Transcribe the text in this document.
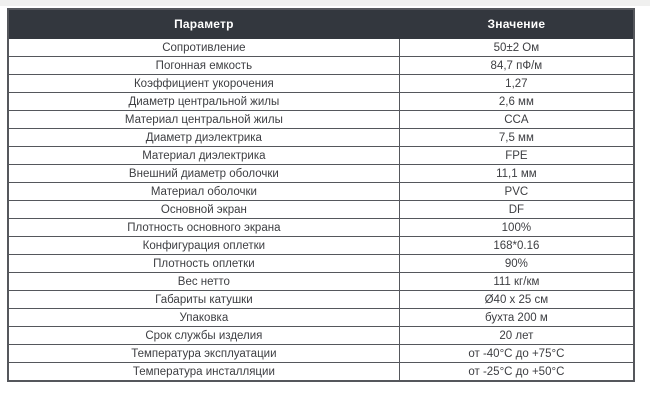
Параметр	Значение
Сопротивление	50±2 Ом
Погонная емкость	84,7 пФ/м
Коэффициент укорочения	1,27
Диаметр центральной жилы	2,6 мм
Материал центральной жилы	CCA
Диаметр диэлектрика	7,5 мм
Материал диэлектрика	FPE
Внешний диаметр оболочки	11,1 мм
Материал оболочки	PVC
Основной экран	DF
Плотность основного экрана	100%
Конфигурация оплетки	168*0.16
Плотность оплетки	90%
Вес нетто	111 кг/км
Габариты катушки	Ø40 x 25 см
Упаковка	бухта 200 м
Срок службы изделия	20 лет
Температура эксплуатации	от -40°C до +75°C
Температура инсталляции	от -25°C до +50°C
